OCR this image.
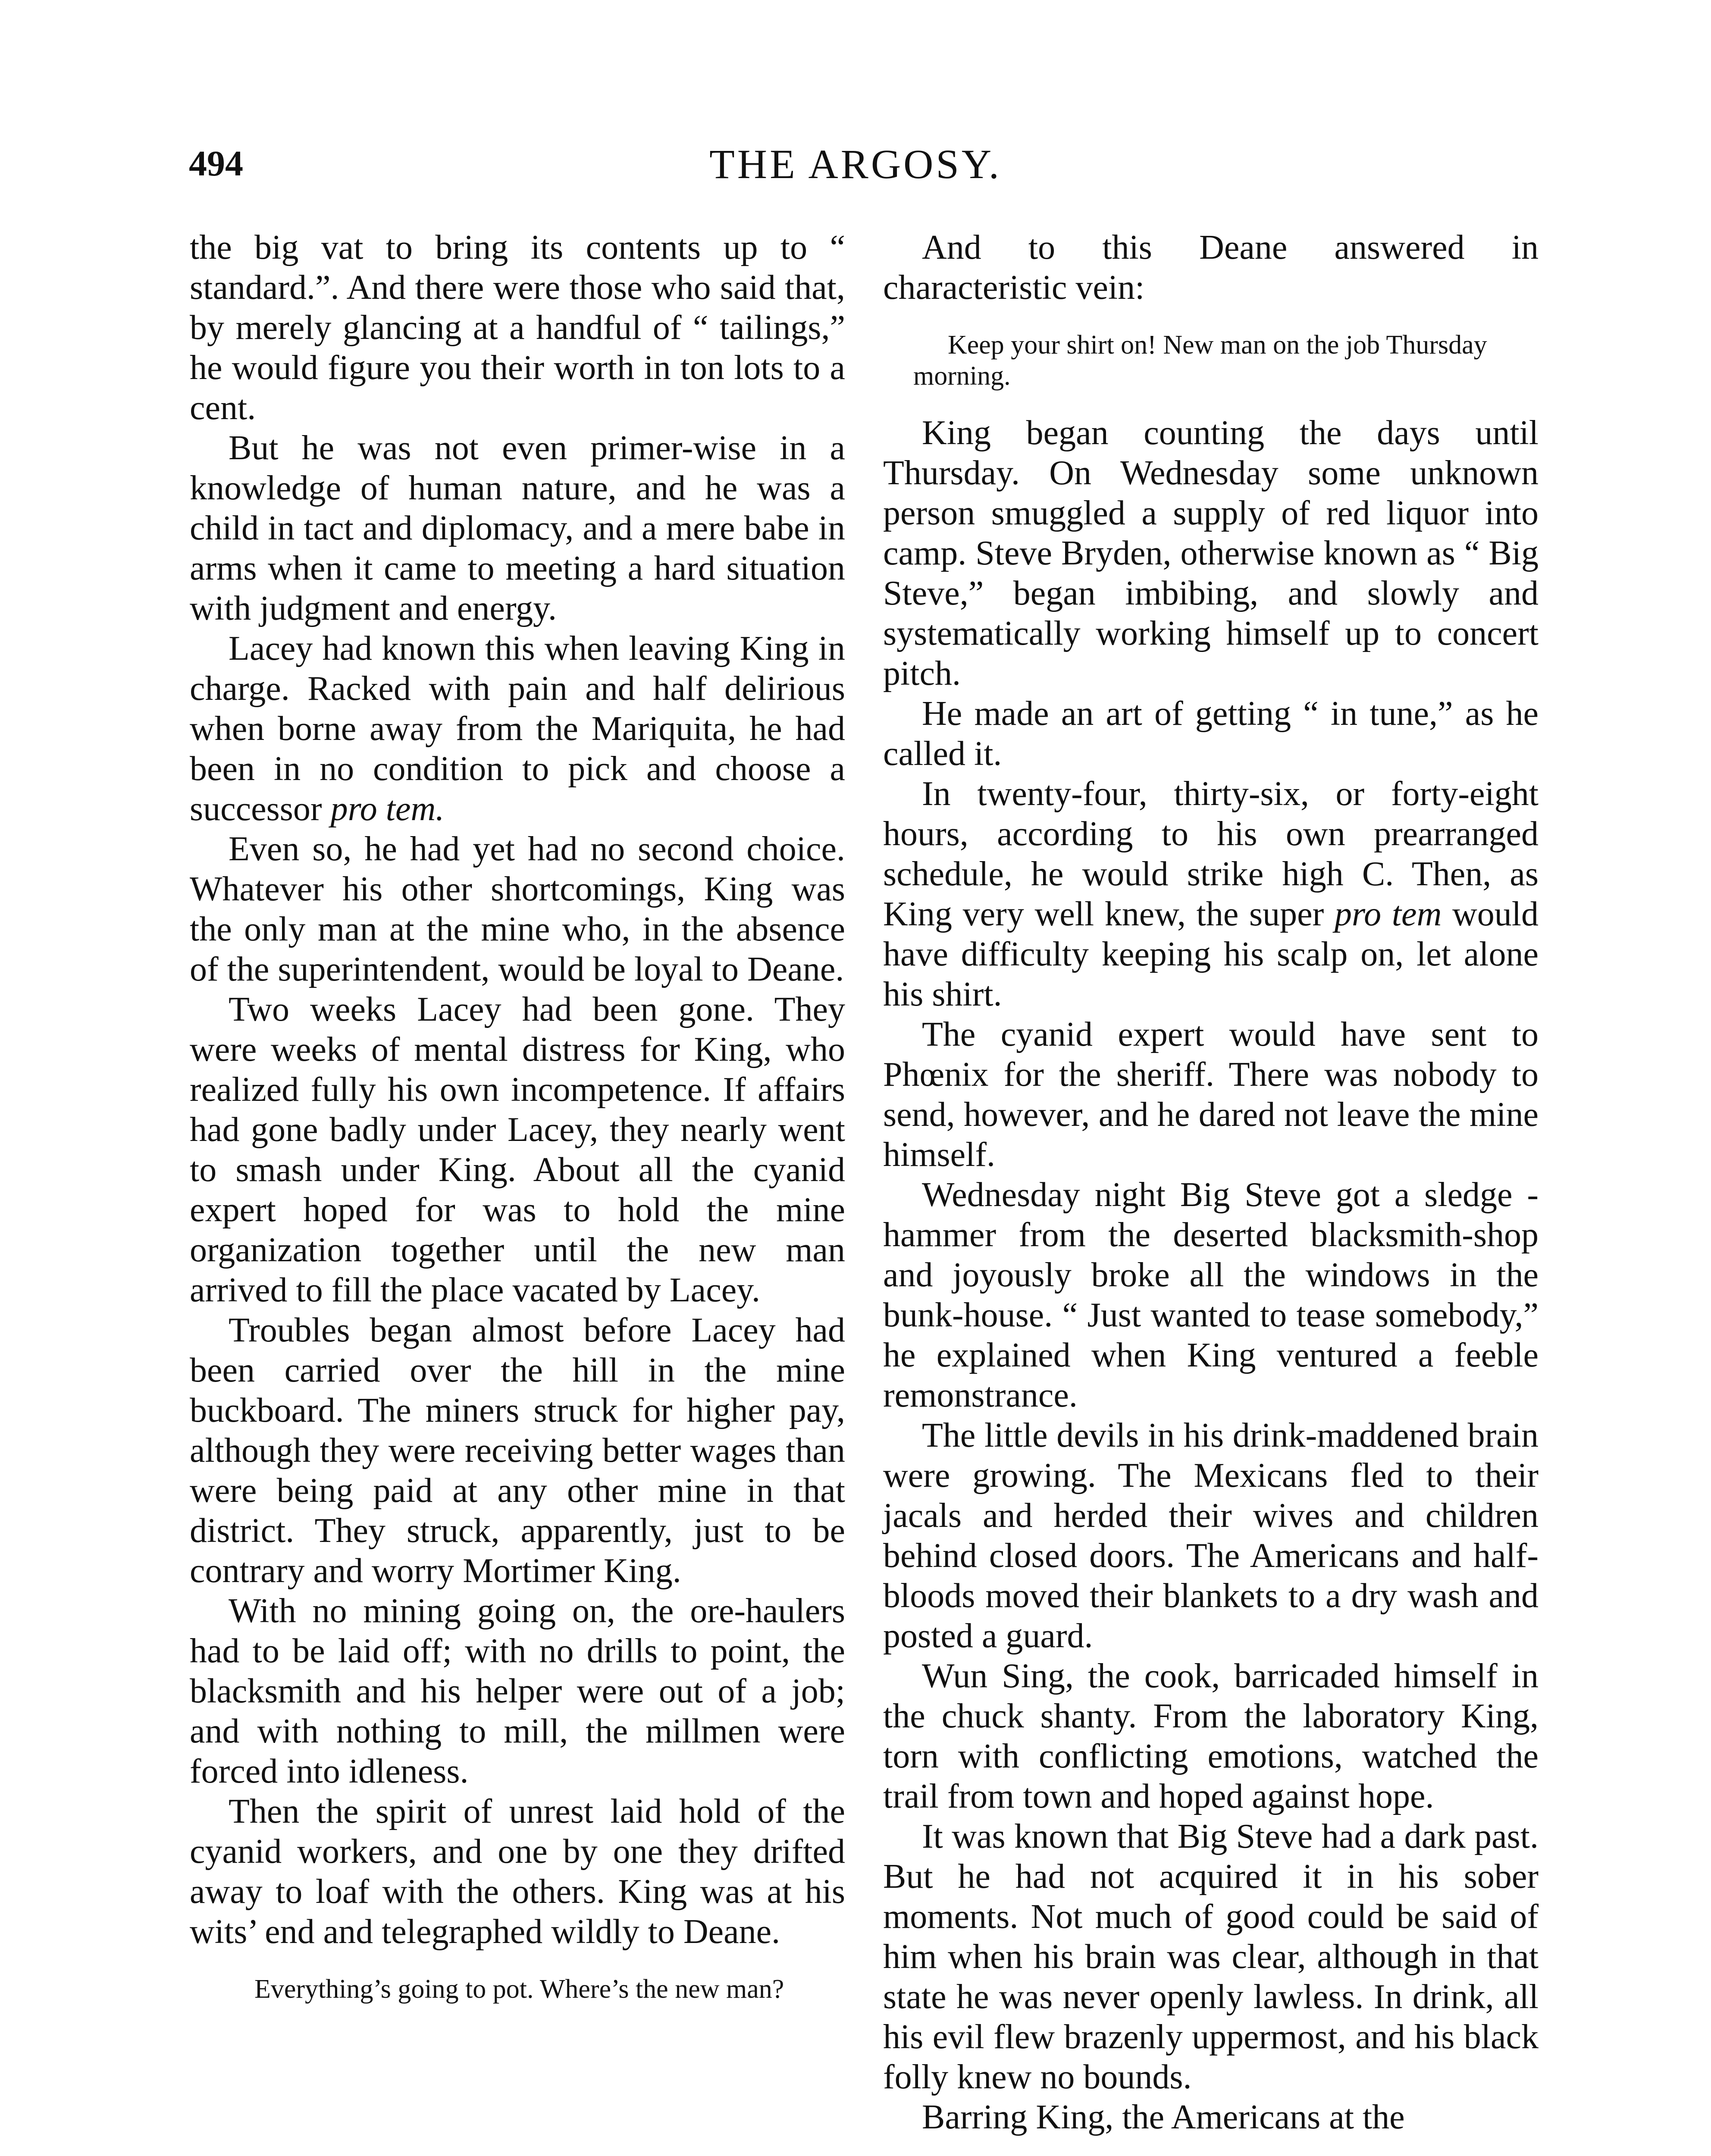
494	THE ARGOSY.

the big vat to bring its contents up to “ standard.”. And there were those who said that, by merely glancing at a handful of “ tailings,” he would figure you their worth in ton lots to a cent.

But he was not even primer-wise in a knowledge of human nature, and he was a child in tact and diplomacy, and a mere babe in arms when it came to meeting a hard situation with judgment and energy.

Lacey had known this when leaving King in charge. Racked with pain and half delirious when borne away from the Mariquita, he had been in no condition to pick and choose a successor pro tem.

Even so, he had yet had no second choice. Whatever his other shortcomings, King was the only man at the mine who, in the absence of the superintendent, would be loyal to Deane.

Two weeks Lacey had been gone. They were weeks of mental distress for King, who realized fully his own incompetence. If affairs had gone badly under Lacey, they nearly went to smash under King. About all the cyanid expert hoped for was to hold the mine organization together until the new man arrived to fill the place vacated by Lacey.

Troubles began almost before Lacey had been carried over the hill in the mine buckboard. The miners struck for higher pay, although they were receiving better wages than were being paid at any other mine in that district. They struck, apparently, just to be contrary and worry Mortimer King.

With no mining going on, the ore-haulers had to be laid off; with no drills to point, the blacksmith and his helper were out of a job; and with nothing to mill, the millmen were forced into idleness.

Then the spirit of unrest laid hold of the cyanid workers, and one by one they drifted away to loaf with the others. King was at his wits’ end and telegraphed wildly to Deane.

Everything’s going to pot. Where’s the new man?

And to this Deane answered in characteristic vein:

Keep your shirt on! New man on the job Thursday morning.

King began counting the days until Thursday. On Wednesday some unknown person smuggled a supply of red liquor into camp. Steve Bryden, otherwise known as “ Big Steve,” began imbibing, and slowly and systematically working himself up to concert pitch.

He made an art of getting “ in tune,” as he called it.

In twenty-four, thirty-six, or forty-eight hours, according to his own prearranged schedule, he would strike high C. Then, as King very well knew, the super pro tem would have difficulty keeping his scalp on, let alone his shirt.

The cyanid expert would have sent to Phœnix for the sheriff. There was nobody to send, however, and he dared not leave the mine himself.

Wednesday night Big Steve got a sledge - hammer from the deserted blacksmith-shop and joyously broke all the windows in the bunk-house. “ Just wanted to tease somebody,” he explained when King ventured a feeble remonstrance.

The little devils in his drink-maddened brain were growing. The Mexicans fled to their jacals and herded their wives and children behind closed doors. The Americans and half-bloods moved their blankets to a dry wash and posted a guard.

Wun Sing, the cook, barricaded himself in the chuck shanty. From the laboratory King, torn with conflicting emotions, watched the trail from town and hoped against hope.

It was known that Big Steve had a dark past. But he had not acquired it in his sober moments. Not much of good could be said of him when his brain was clear, although in that state he was never openly lawless. In drink, all his evil flew brazenly uppermost, and his black folly knew no bounds.

Barring King, the Americans at the
